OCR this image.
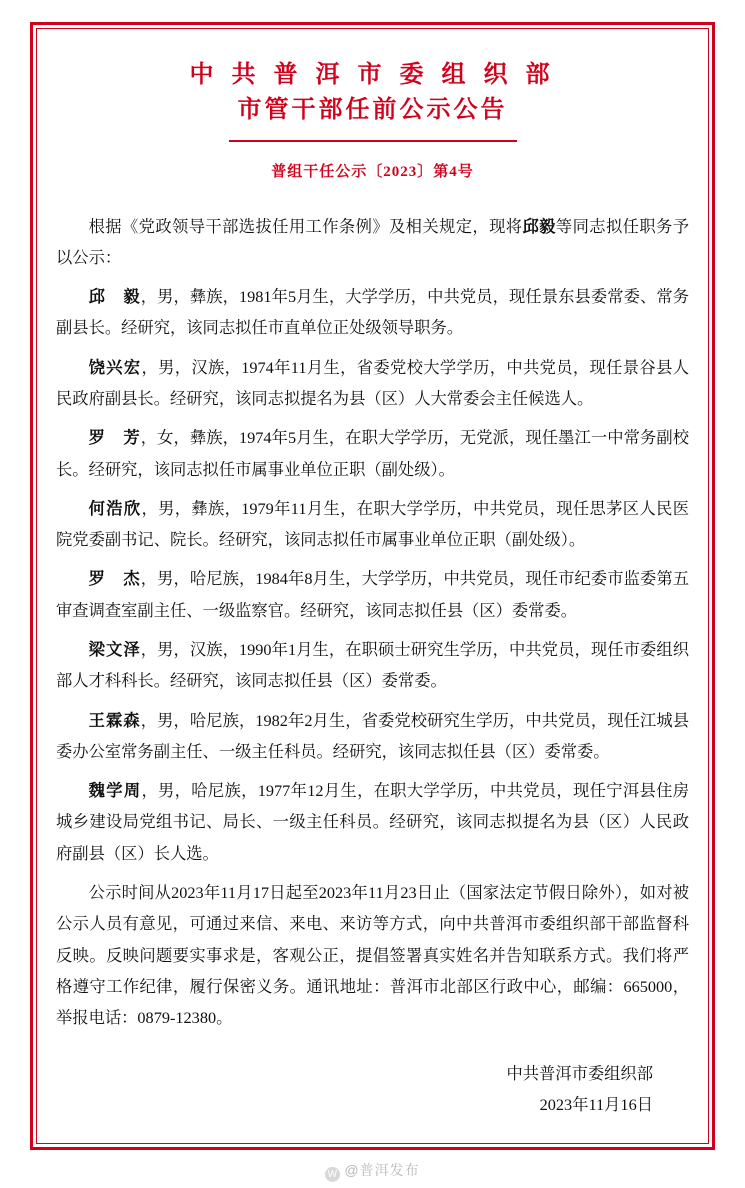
中 共 普 洱 市 委 组 织 部
市管干部任前公示公告
普组干任公示〔2023〕第4号

根据《党政领导干部选拔任用工作条例》及相关规定，现将邱毅等同志拟任职务予以公示：

邱　毅，男，彝族，1981年5月生，大学学历，中共党员，现任景东县委常委、常务副县长。经研究，该同志拟任市直单位正处级领导职务。

饶兴宏，男，汉族，1974年11月生，省委党校大学学历，中共党员，现任景谷县人民政府副县长。经研究，该同志拟提名为县（区）人大常委会主任候选人。

罗　芳，女，彝族，1974年5月生，在职大学学历，无党派，现任墨江一中常务副校长。经研究，该同志拟任市属事业单位正职（副处级）。

何浩欣，男，彝族，1979年11月生，在职大学学历，中共党员，现任思茅区人民医院党委副书记、院长。经研究，该同志拟任市属事业单位正职（副处级）。

罗　杰，男，哈尼族，1984年8月生，大学学历，中共党员，现任市纪委市监委第五审查调查室副主任、一级监察官。经研究，该同志拟任县（区）委常委。

梁文泽，男，汉族，1990年1月生，在职硕士研究生学历，中共党员，现任市委组织部人才科科长。经研究，该同志拟任县（区）委常委。

王霖森，男，哈尼族，1982年2月生，省委党校研究生学历，中共党员，现任江城县委办公室常务副主任、一级主任科员。经研究，该同志拟任县（区）委常委。

魏学周，男，哈尼族，1977年12月生，在职大学学历，中共党员，现任宁洱县住房城乡建设局党组书记、局长、一级主任科员。经研究，该同志拟提名为县（区）人民政府副县（区）长人选。

公示时间从2023年11月17日起至2023年11月23日止（国家法定节假日除外），如对被公示人员有意见，可通过来信、来电、来访等方式，向中共普洱市委组织部干部监督科反映。反映问题要实事求是，客观公正，提倡签署真实姓名并告知联系方式。我们将严格遵守工作纪律，履行保密义务。通讯地址：普洱市北部区行政中心，邮编：665000，举报电话：0879-12380。

中共普洱市委组织部
2023年11月16日
W @普洱发布
